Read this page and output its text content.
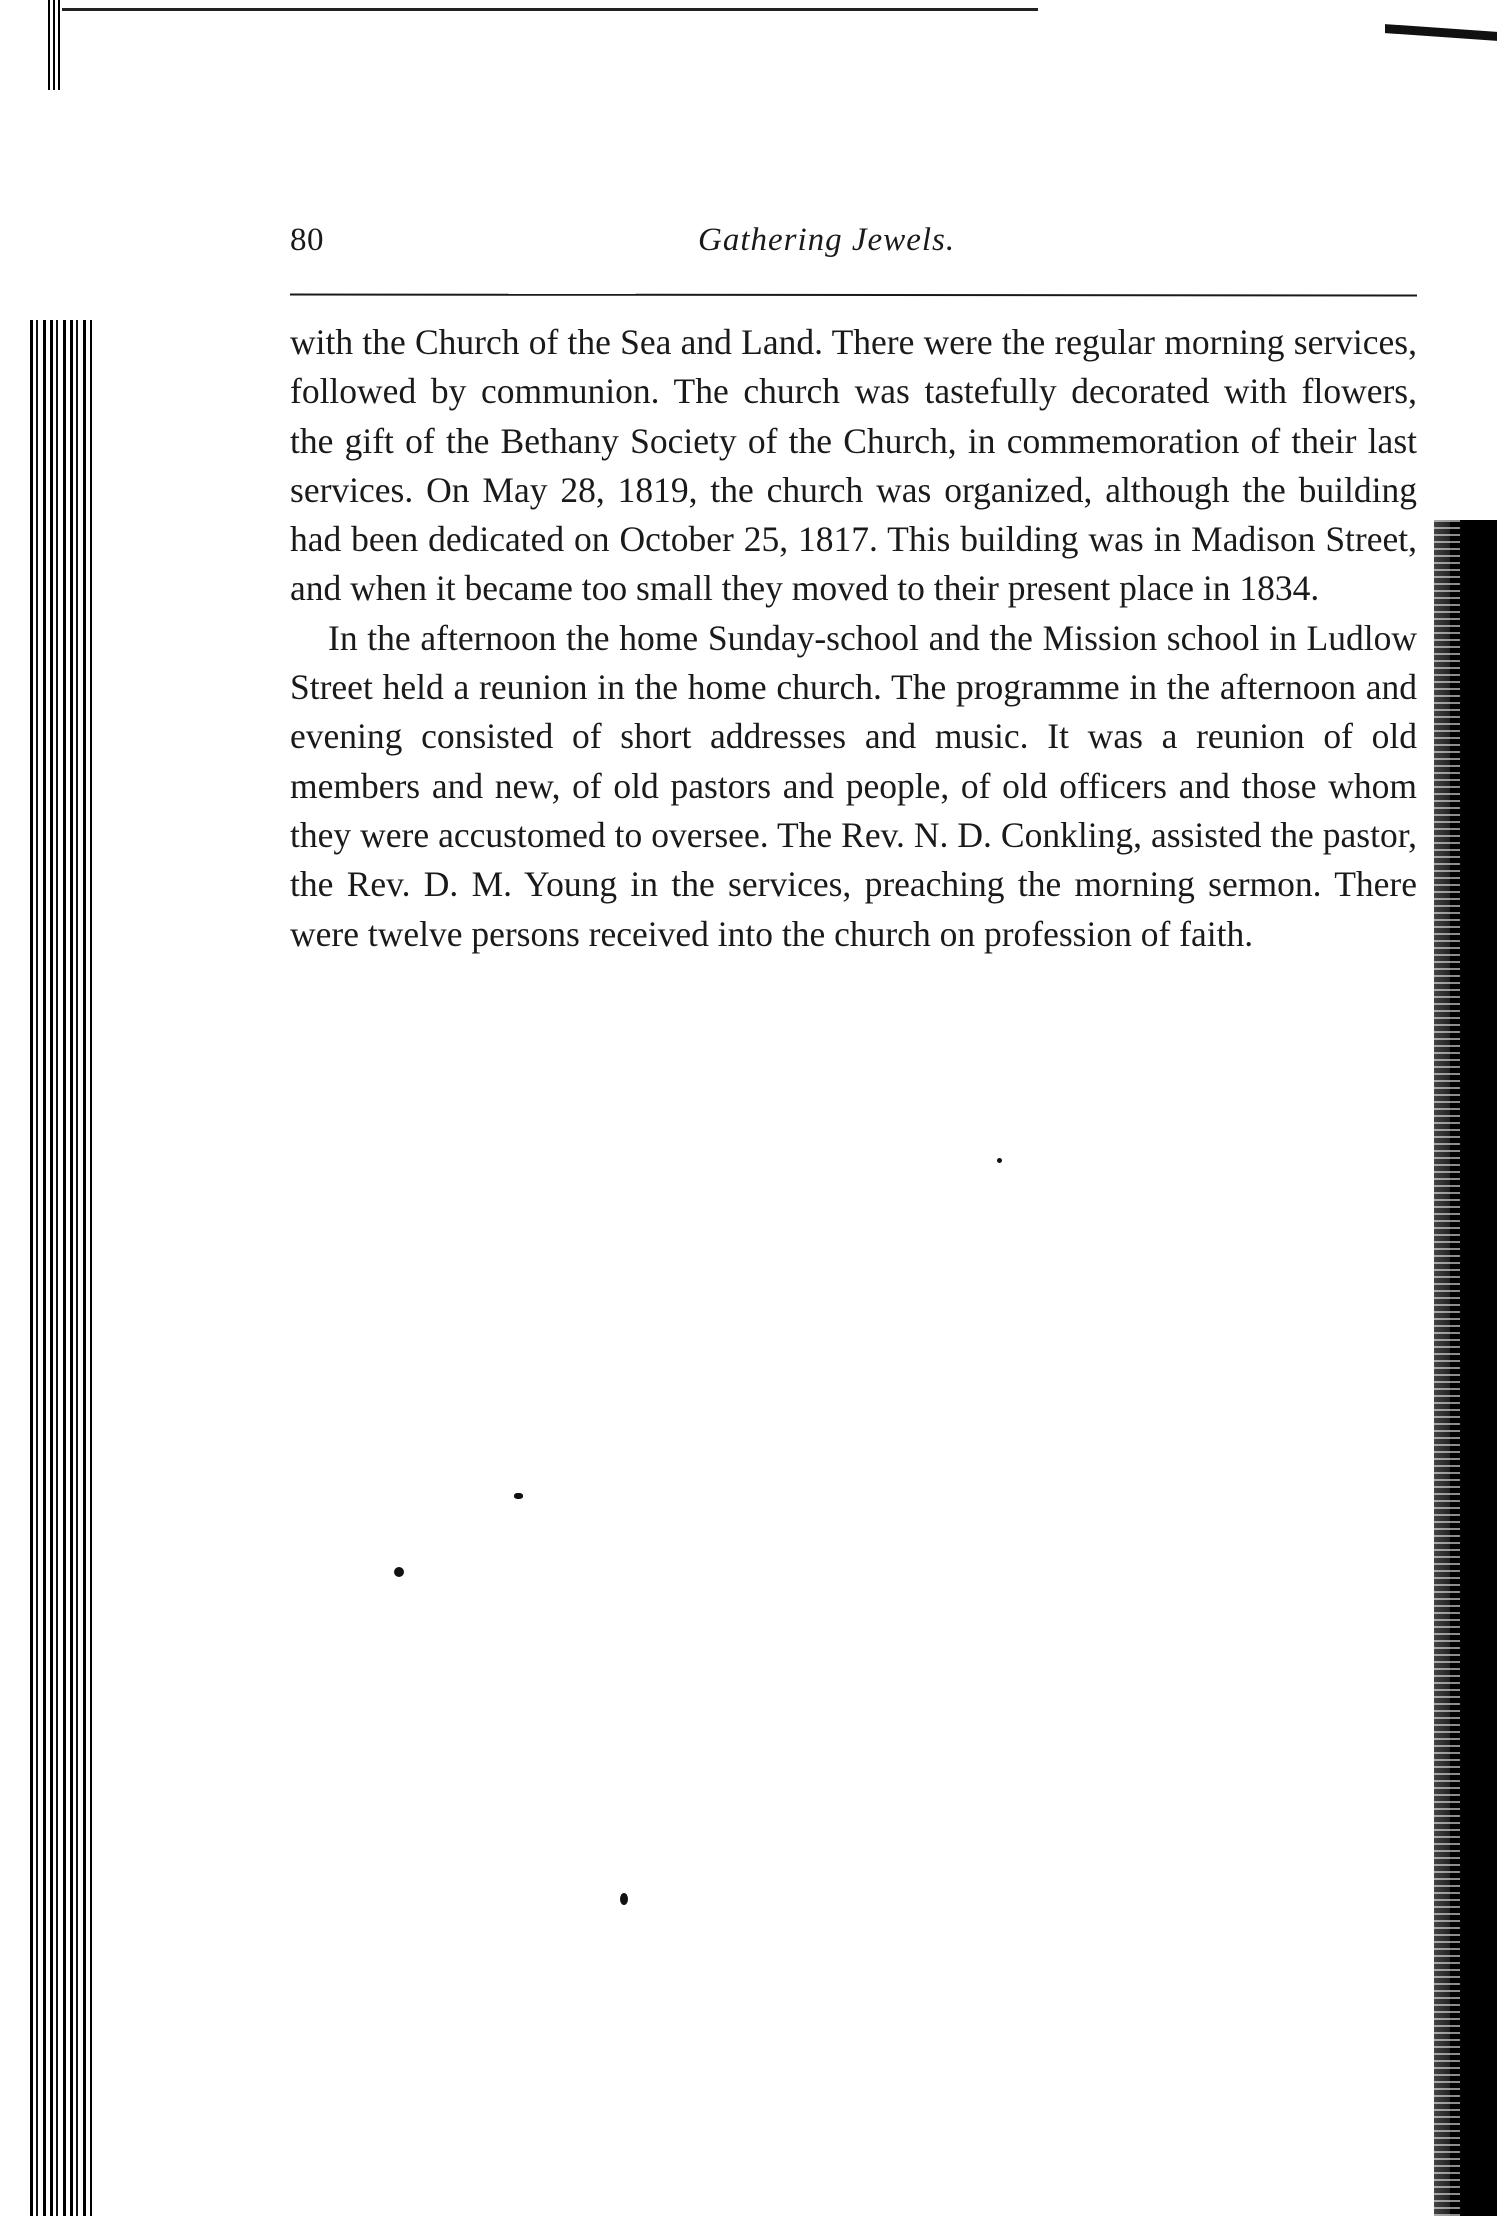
80	Gathering Jewels.

with the Church of the Sea and Land. There were the regular morning services, followed by communion. The church was tastefully decorated with flowers, the gift of the Bethany Society of the Church, in commemoration of their last services. On May 28, 1819, the church was organized, although the building had been dedicated on October 25, 1817. This building was in Madison Street, and when it became too small they moved to their present place in 1834.

In the afternoon the home Sunday-school and the Mission school in Ludlow Street held a reunion in the home church. The programme in the afternoon and evening consisted of short addresses and music. It was a reunion of old members and new, of old pastors and people, of old officers and those whom they were accustomed to oversee. The Rev. N. D. Conkling, assisted the pastor, the Rev. D. M. Young in the services, preaching the morning sermon. There were twelve persons received into the church on profession of faith.
